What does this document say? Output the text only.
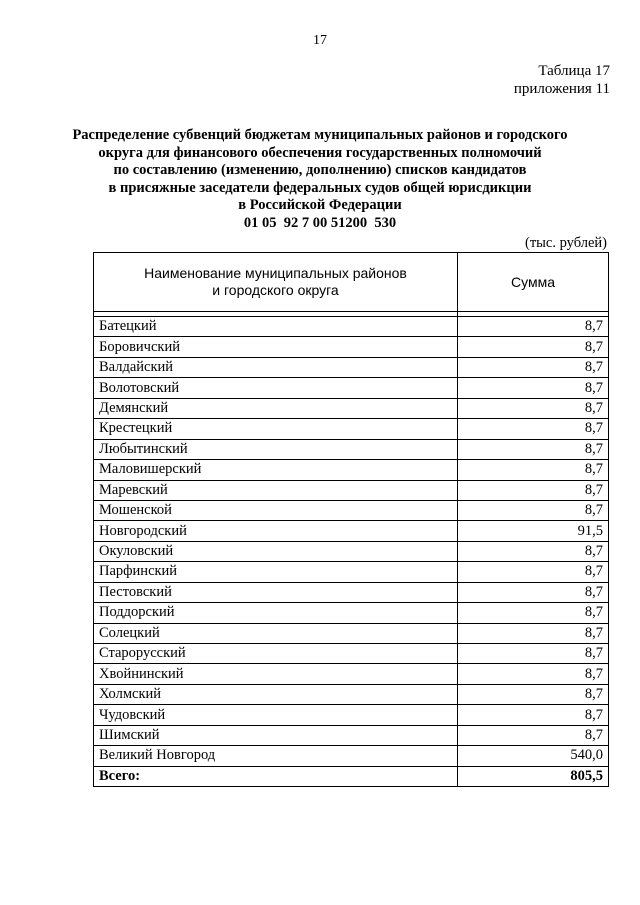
17
Таблица 17
приложения 11
Распределение субвенций бюджетам муниципальных районов и городского
округа для финансового обеспечения государственных полномочий
по составлению (изменению, дополнению) списков кандидатов
в присяжные заседатели федеральных судов общей юрисдикции
в Российской Федерации
01 05  92 7 00 51200  530
(тыс. рублей)
Наименование муниципальных районов
и городского округа	Сумма

Батецкий	8,7
Боровичский	8,7
Валдайский	8,7
Волотовский	8,7
Демянский	8,7
Крестецкий	8,7
Любытинский	8,7
Маловишерский	8,7
Маревский	8,7
Мошенской	8,7
Новгородский	91,5
Окуловский	8,7
Парфинский	8,7
Пестовский	8,7
Поддорский	8,7
Солецкий	8,7
Старорусский	8,7
Хвойнинский	8,7
Холмский	8,7
Чудовский	8,7
Шимский	8,7
Великий Новгород	540,0
Всего:	805,5
